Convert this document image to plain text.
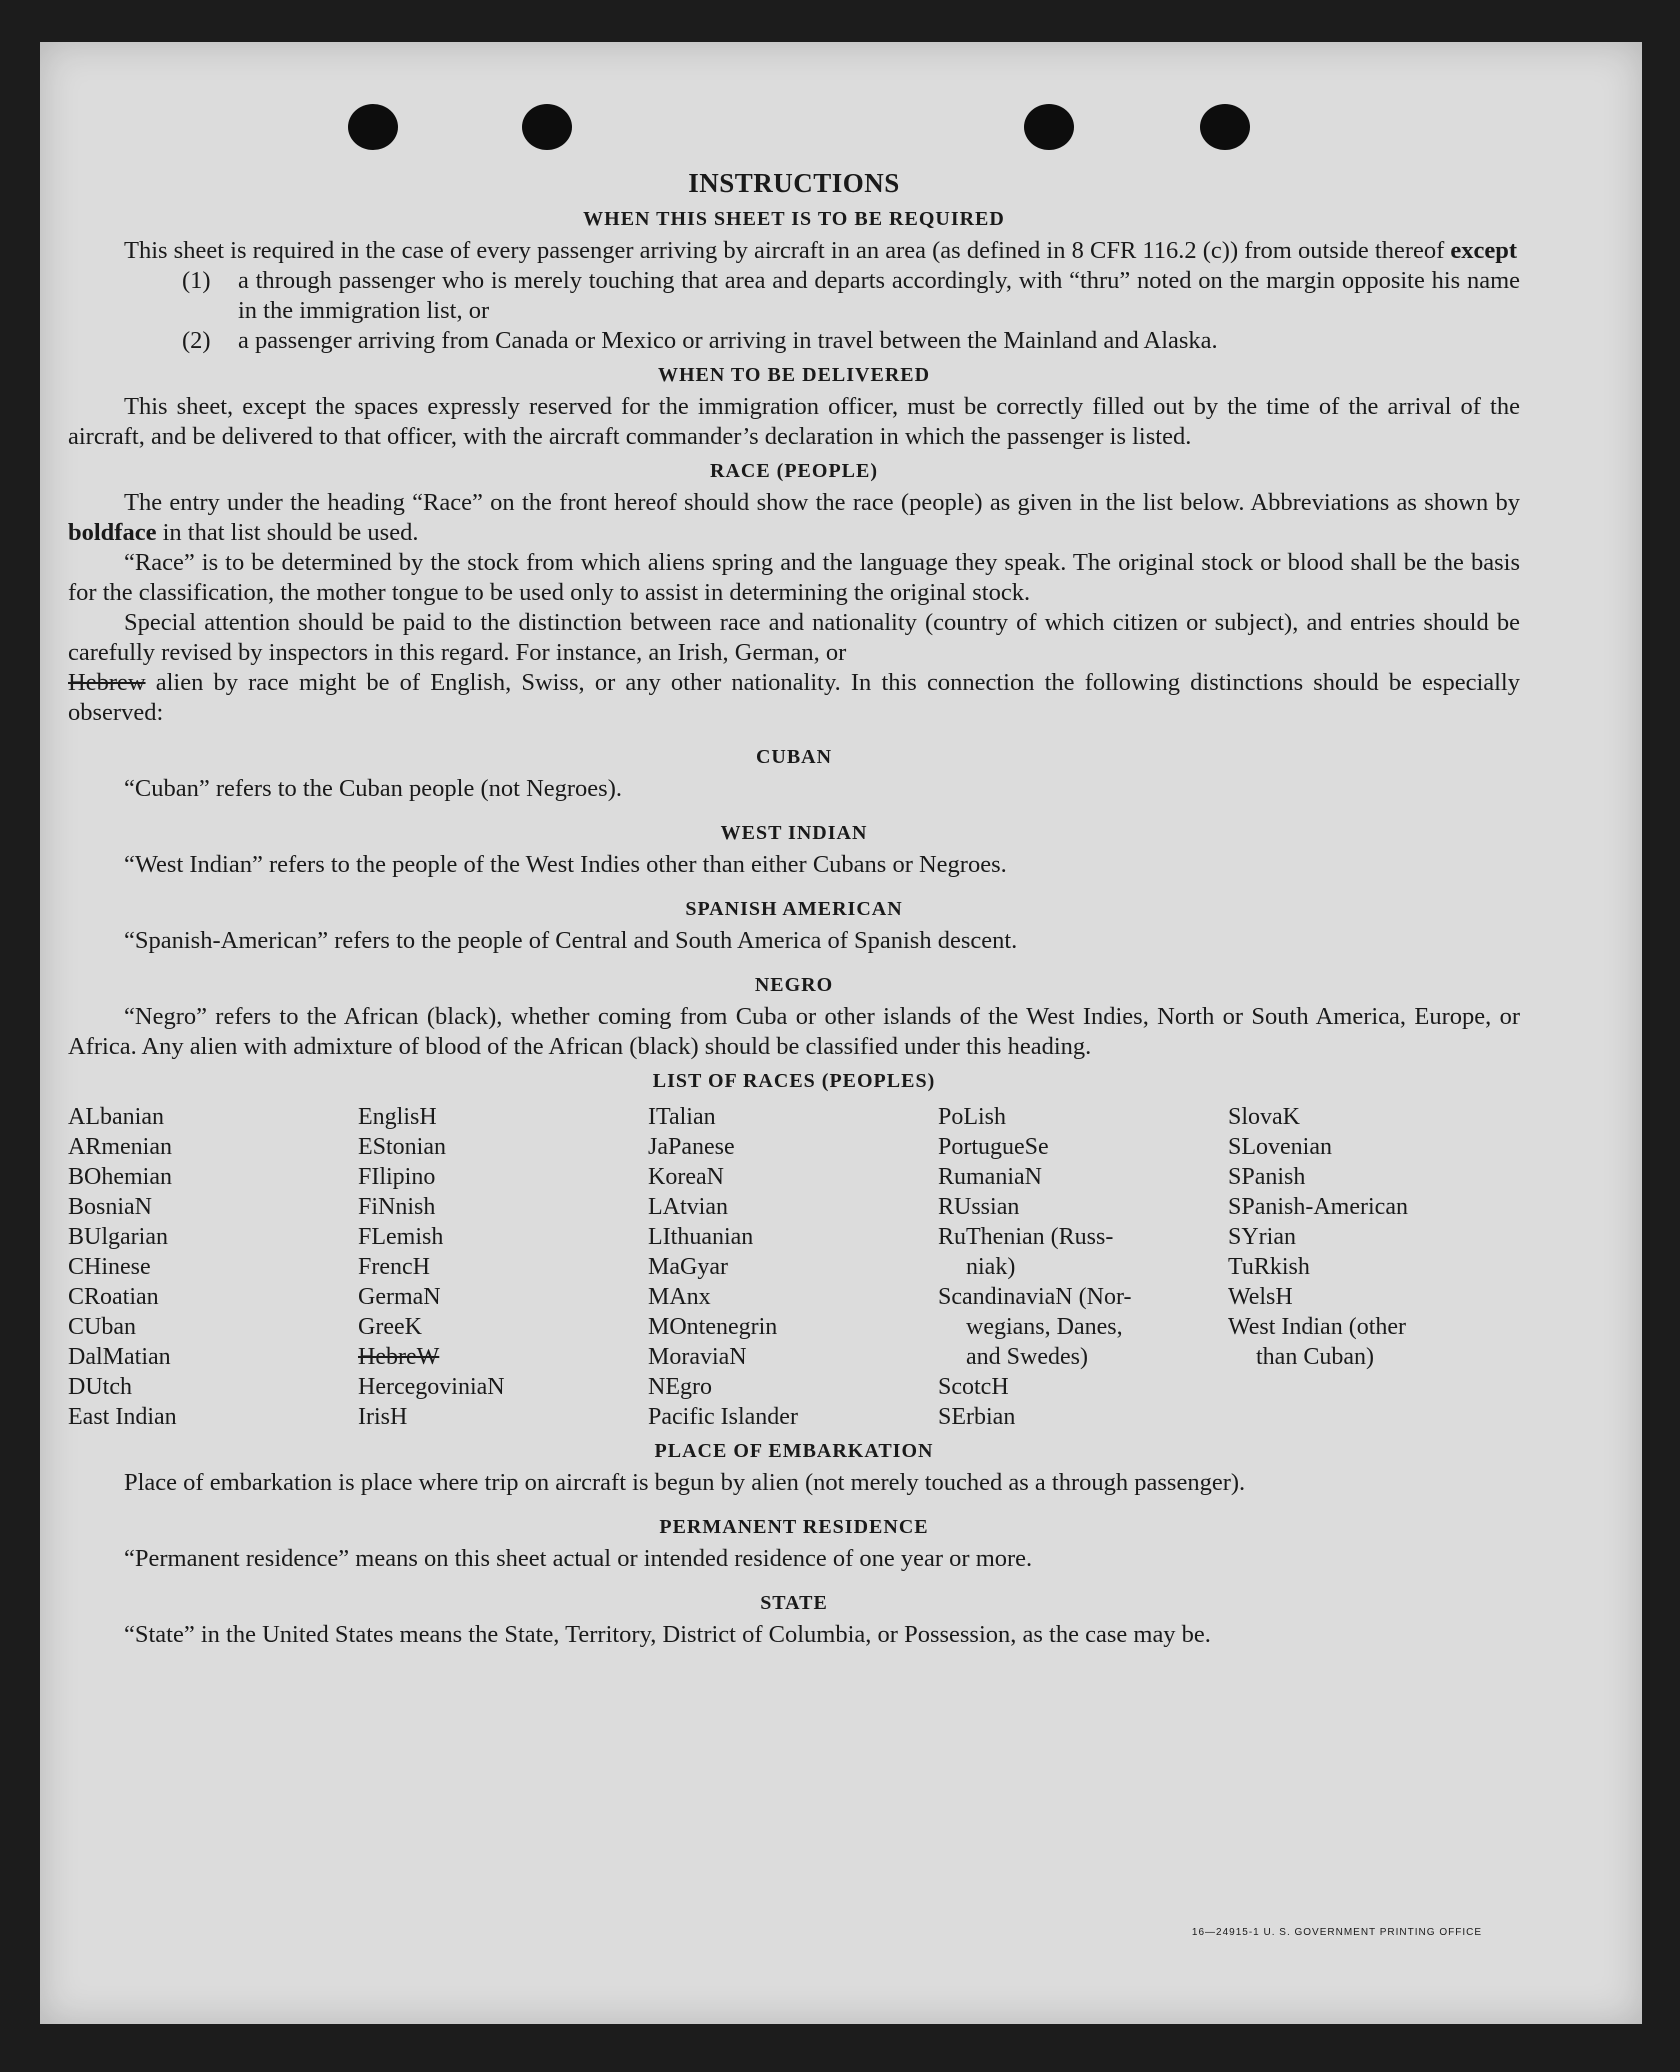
INSTRUCTIONS
WHEN THIS SHEET IS TO BE REQUIRED

This sheet is required in the case of every passenger arriving by aircraft in an area (as defined in 8 CFR 116.2 (c)) from outside thereof except

(1)	a through passenger who is merely touching that area and departs accordingly, with “thru” noted on the margin opposite his name in the immigration list, or
(2)	a passenger arriving from Canada or Mexico or arriving in travel between the Mainland and Alaska.
WHEN TO BE DELIVERED

This sheet, except the spaces expressly reserved for the immigration officer, must be correctly filled out by the time of the arrival of the aircraft, and be delivered to that officer, with the aircraft commander’s declaration in which the passenger is listed.

RACE (PEOPLE)

The entry under the heading “Race” on the front hereof should show the race (people) as given in the list below. Abbreviations as shown by boldface in that list should be used.

“Race” is to be determined by the stock from which aliens spring and the language they speak. The original stock or blood shall be the basis for the classification, the mother tongue to be used only to assist in determining the original stock.

Special attention should be paid to the distinction between race and nationality (country of which citizen or subject), and entries should be carefully revised by inspectors in this regard. For instance, an Irish, German, or
Hebrew alien by race might be of English, Swiss, or any other nationality. In this connection the following distinctions should be especially observed:

CUBAN

“Cuban” refers to the Cuban people (not Negroes).

WEST INDIAN

“West Indian” refers to the people of the West Indies other than either Cubans or Negroes.

SPANISH AMERICAN

“Spanish-American” refers to the people of Central and South America of Spanish descent.

NEGRO

“Negro” refers to the African (black), whether coming from Cuba or other islands of the West Indies, North or South America, Europe, or Africa. Any alien with admixture of blood of the African (black) should be classified under this heading.

LIST OF RACES (PEOPLES)
ALbanian
ARmenian
BOhemian
BosniaN
BUlgarian
CHinese
CRoatian
CUban
DalMatian
DUtch
East Indian
EnglisH
EStonian
FIlipino
FiNnish
FLemish
FrencH
GermaN
GreeK
HebreW
HercegoviniaN
IrisH
ITalian
JaPanese
KoreaN
LAtvian
LIthuanian
MaGyar
MAnx
MOntenegrin
MoraviaN
NEgro
Pacific Islander
PoLish
PortugueSe
RumaniaN
RUssian
RuThenian (Russ-
niak)
ScandinaviaN (Nor-
wegians, Danes,
and Swedes)
ScotcH
SErbian
SlovaK
SLovenian
SPanish
SPanish-American
SYrian
TuRkish
WelsH
West Indian (other
than Cuban)
PLACE OF EMBARKATION

Place of embarkation is place where trip on aircraft is begun by alien (not merely touched as a through passenger).

PERMANENT RESIDENCE

“Permanent residence” means on this sheet actual or intended residence of one year or more.

STATE

“State” in the United States means the State, Territory, District of Columbia, or Possession, as the case may be.

16—24915-1 U. S. GOVERNMENT PRINTING OFFICE
